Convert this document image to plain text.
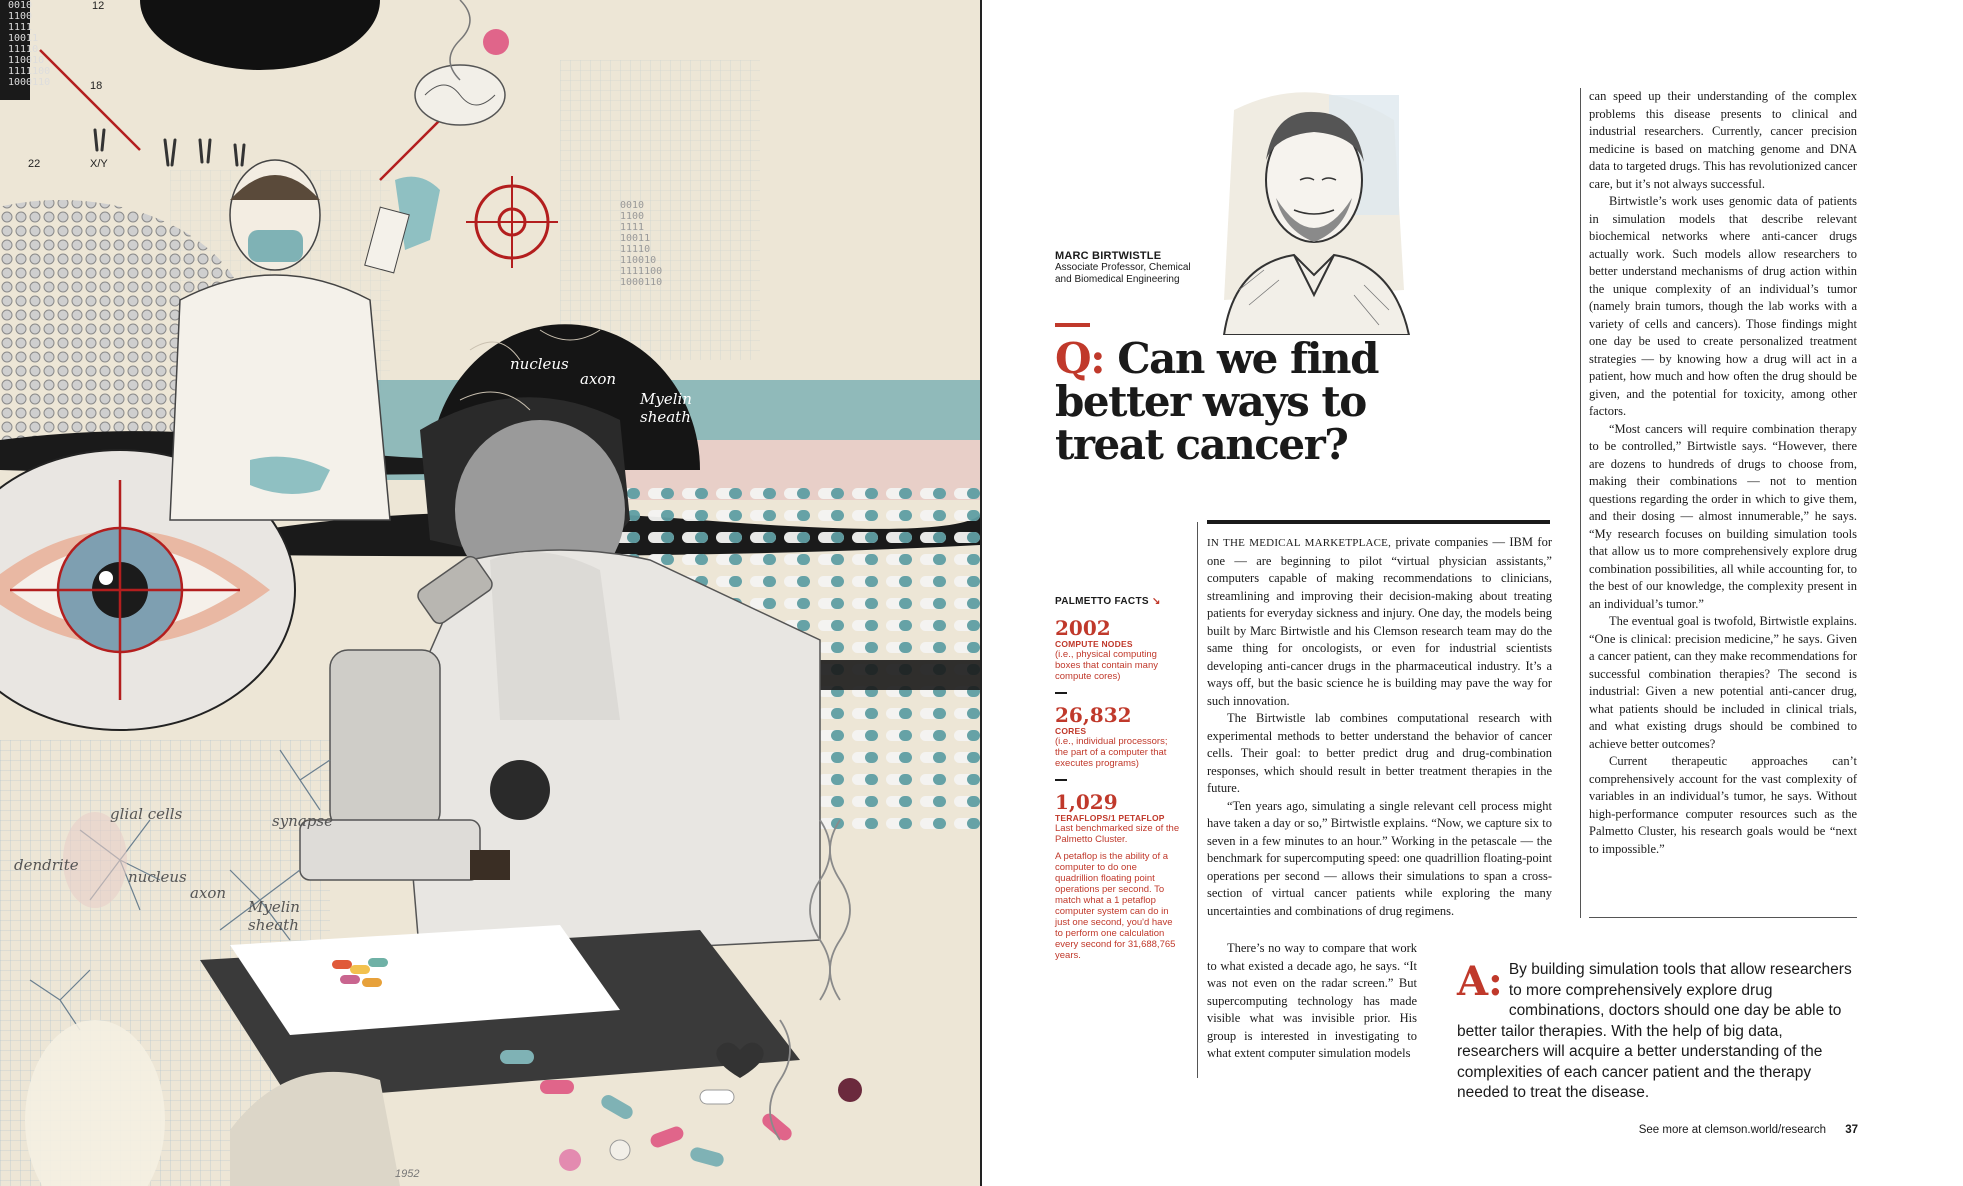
0010
1100
1111
10011
11110
110010
1111100
1000110
0010
1100
1111
10011
11110
110010
1111100
1000110
12
18
22	X/Y
nucleus
axon
Myelin sheath
dendrite
glial cells	synapse
nucleus
axon
Myelin sheath
1952
MARC BIRTWISTLE
Associate Professor, Chemical and Biomedical Engineering
Q: Can we find better ways to treat cancer?
PALMETTO FACTS ↘
2002
COMPUTE NODES
(i.e., physical computing boxes that contain many compute cores)
26,832
CORES
(i.e., individual processors; the part of a computer that executes programs)
1,029
TERAFLOPS/1 PETAFLOP
Last benchmarked size of the Palmetto Cluster.
A petaflop is the ability of a computer to do one quadrillion floating point operations per second. To match what a 1 petaflop computer system can do in just one second, you'd have to perform one calculation every second for 31,688,765 years.

IN THE MEDICAL MARKETPLACE, private companies — IBM for one — are beginning to pilot “virtual physician assistants,” computers capable of making recommendations to clinicians, streamlining and improving their decision-making about treating patients for everyday sickness and injury. One day, the models being built by Marc Birtwistle and his Clemson research team may do the same thing for oncologists, or even for industrial scientists developing anti-cancer drugs in the pharmaceutical industry. It’s a ways off, but the basic science he is building may pave the way for such innovation.

The Birtwistle lab combines computational research with experimental methods to better understand the behavior of cancer cells. Their goal: to better predict drug and drug-combination responses, which should result in better treatment therapies in the future.

“Ten years ago, simulating a single relevant cell process might have taken a day or so,” Birtwistle explains. “Now, we capture six to seven in a few minutes to an hour.” Working in the petascale — the benchmark for supercomputing speed: one quadrillion floating-point operations per second — allows their simulations to span a cross-section of virtual cancer patients while exploring the many uncertainties and combinations of drug regimens.

There’s no way to compare that work to what existed a decade ago, he says. “It was not even on the radar screen.” But supercomputing technology has made visible what was invisible prior. His group is interested in investigating to what extent computer simulation models

can speed up their understanding of the complex problems this disease presents to clinical and industrial researchers. Currently, cancer precision medicine is based on matching genome and DNA data to targeted drugs. This has revolutionized cancer care, but it’s not always successful.

Birtwistle’s work uses genomic data of patients in simulation models that describe relevant biochemical networks where anti-cancer drugs actually work. Such models allow researchers to better understand mechanisms of drug action within the unique complexity of an individual’s tumor (namely brain tumors, though the lab works with a variety of cells and cancers). Those findings might one day be used to create personalized treatment strategies — by knowing how a drug will act in a patient, how much and how often the drug should be given, and the potential for toxicity, among other factors.

“Most cancers will require combination therapy to be controlled,” Birtwistle says. “However, there are dozens to hundreds of drugs to choose from, making their combinations — not to mention questions regarding the order in which to give them, and their dosing — almost innumerable,” he says. “My research focuses on building simulation tools that allow us to more comprehensively explore drug combination possibilities, all while accounting for, to the best of our knowledge, the complexity present in an individual’s tumor.”

The eventual goal is twofold, Birtwistle explains. “One is clinical: precision medicine,” he says. Given a cancer patient, can they make recommendations for successful combination therapies? The second is industrial: Given a new potential anti-cancer drug, what patients should be included in clinical trials, and what existing drugs should be combined to achieve better outcomes?

Current therapeutic approaches can’t comprehensively account for the vast complexity of variables in an individual’s tumor, he says. Without high-performance computer resources such as the Palmetto Cluster, his research goals would be “next to impossible.”

A: By building simulation tools that allow researchers to more comprehensively explore drug combinations, doctors should one day be able to better tailor therapies. With the help of big data, researchers will acquire a better understanding of the complexities of each cancer patient and the therapy needed to treat the disease.
See more at clemson.world/research 37
